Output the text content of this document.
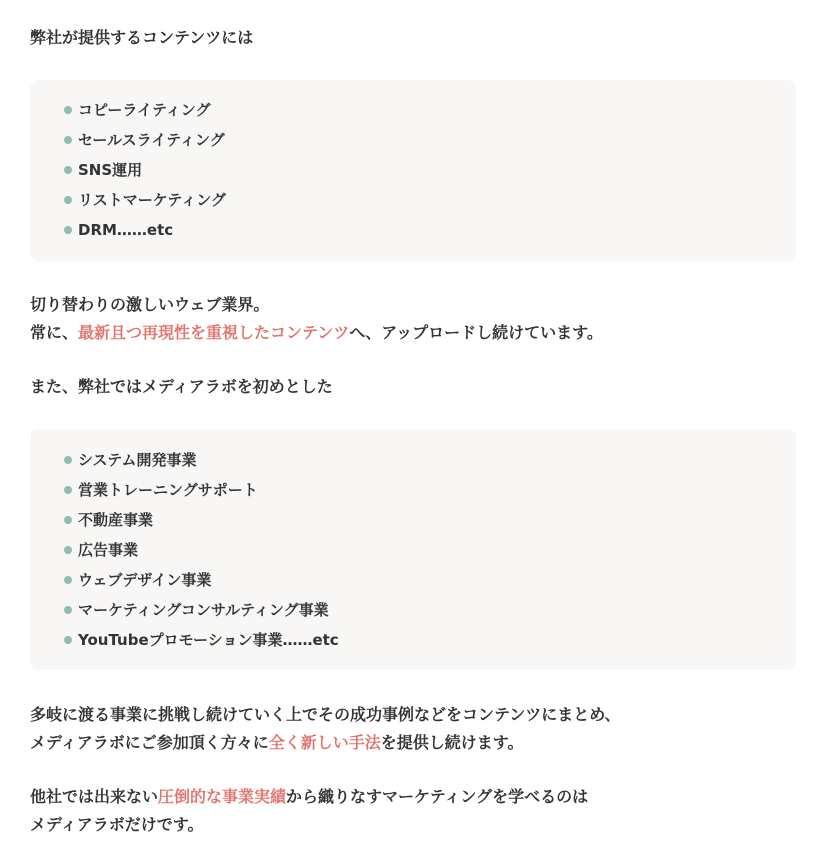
弊社が提供するコンテンツには

コピーライティング
セールスライティング
SNS運用
リストマーケティング
DRM……etc

切り替わりの激しいウェブ業界。

常に、最新且つ再現性を重視したコンテンツへ、アップロードし続けています。

また、弊社ではメディアラボを初めとした

システム開発事業
営業トレーニングサポート
不動産事業
広告事業
ウェブデザイン事業
マーケティングコンサルティング事業
YouTubeプロモーション事業……etc

多岐に渡る事業に挑戦し続けていく上でその成功事例などをコンテンツにまとめ、

メディアラボにご参加頂く方々に全く新しい手法を提供し続けます。

他社では出来ない圧倒的な事業実績から織りなすマーケティングを学べるのは

メディアラボだけです。
